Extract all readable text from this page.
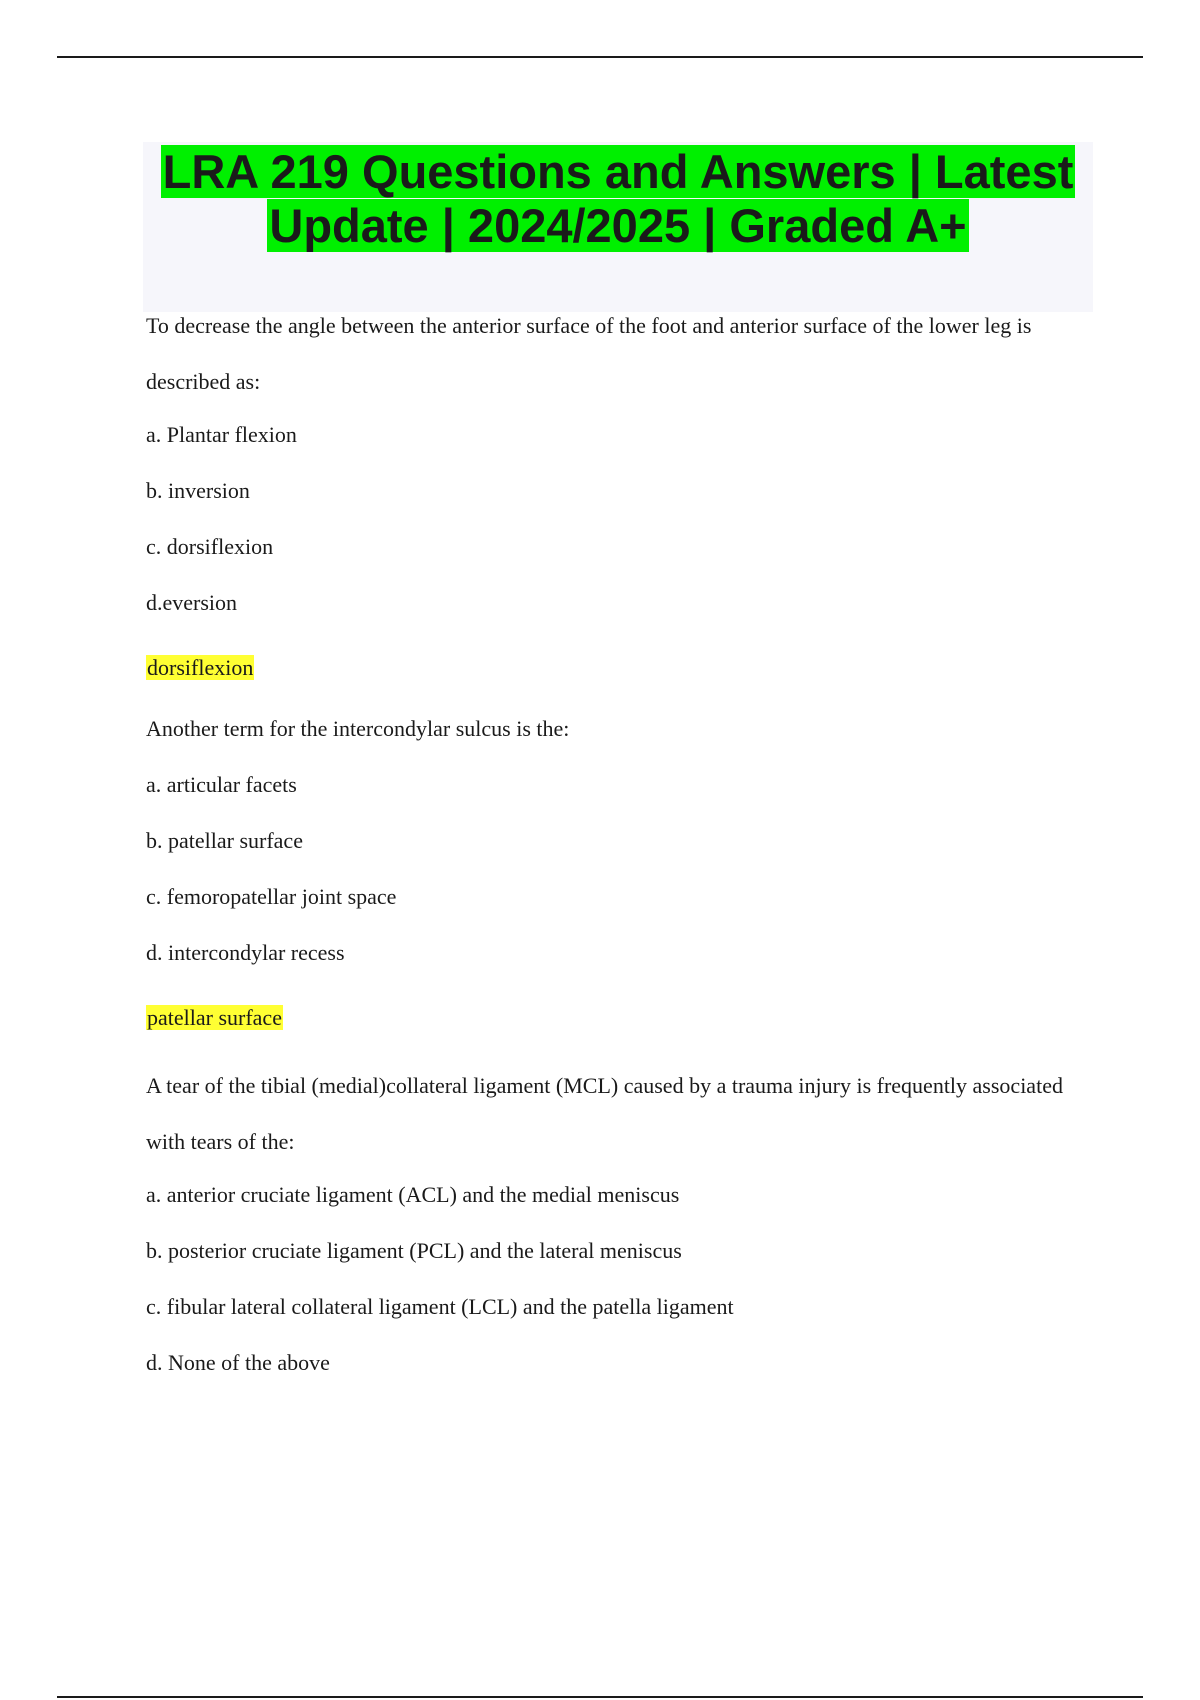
LRA 219 Questions and Answers | Latest
Update | 2024/2025 | Graded A+

To decrease the angle between the anterior surface of the foot and anterior surface of the lower leg is described as:

a. Plantar flexion

b. inversion

c. dorsiflexion

d.eversion

dorsiflexion

Another term for the intercondylar sulcus is the:

a. articular facets

b. patellar surface

c. femoropatellar joint space

d. intercondylar recess

patellar surface

A tear of the tibial (medial)collateral ligament (MCL) caused by a trauma injury is frequently associated with tears of the:

a. anterior cruciate ligament (ACL) and the medial meniscus

b. posterior cruciate ligament (PCL) and the lateral meniscus

c. fibular lateral collateral ligament (LCL) and the patella ligament

d. None of the above
